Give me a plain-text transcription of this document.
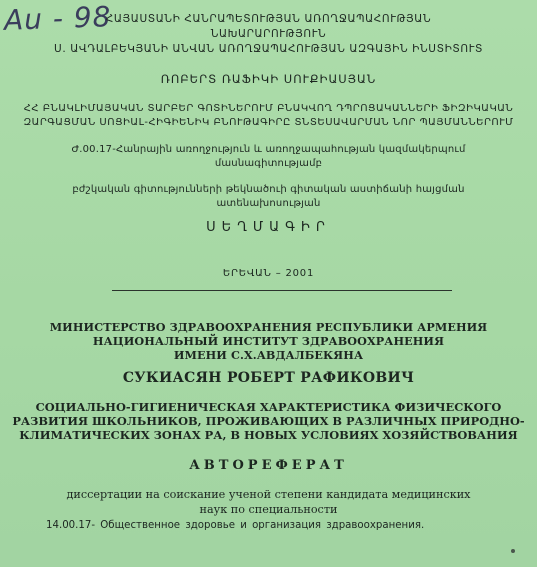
Au - 98
ՀԱՅԱՍՏԱՆԻ ՀԱՆՐԱՊԵՏՈՒԹՅԱՆ ԱՌՈՂՋԱՊԱՀՈՒԹՅԱՆ
ՆԱԽԱՐԱՐՈՒԹՅՈՒՆ
Ս. ԱՎԴԱԼԲԵԿՅԱՆԻ ԱՆՎԱՆ ԱՌՈՂՋԱՊԱՀՈՒԹՅԱՆ ԱԶԳԱՅԻՆ ԻՆՍՏԻՏՈՒՏ
ՌՈԲԵՐՏ ՌԱՖԻԿԻ ՍՈՒՔԻԱՍՅԱՆ
ՀՀ ԲՆԱԿԼԻՄԱՅԱԿԱՆ ՏԱՐԲԵՐ ԳՈՏԻՆԵՐՈՒՄ ԲՆԱԿՎՈՂ ԴՊՐՈՑԱԿԱՆՆԵՐԻ ՖԻԶԻԿԱԿԱՆ
ԶԱՐԳԱՑՄԱՆ ՍՈՑԻԱԼ-ՀԻԳԻԵՆԻԿ ԲՆՈՒԹԱԳԻՐԸ ՏՆՏԵՍԱՎԱՐՄԱՆ ՆՈՐ ՊԱՅՄԱՆՆԵՐՈՒՄ
Ժ.00.17-Հանրային առողջություն և առողջապահության կազմակերպում
մասնագիտությամբ
բժշկական գիտությունների թեկնածուի գիտական աստիճանի հայցման
ատենախոսության
ՍԵՂՄԱԳԻՐ
ԵՐԵՎԱՆ – 2001
МИНИСТЕРСТВО ЗДРАВООХРАНЕНИЯ РЕСПУБЛИКИ АРМЕНИЯ
НАЦИОНАЛЬНЫЙ ИНСТИТУТ ЗДРАВООХРАНЕНИЯ
ИМЕНИ С.Х.АВДАЛБЕКЯНА
СУКИАСЯН РОБЕРТ РАФИКОВИЧ
СОЦИАЛЬНО-ГИГИЕНИЧЕСКАЯ ХАРАКТЕРИСТИКА ФИЗИЧЕСКОГО
РАЗВИТИЯ ШКОЛЬНИКОВ, ПРОЖИВАЮЩИХ В РАЗЛИЧНЫХ ПРИРОДНО-
КЛИМАТИЧЕСКИХ ЗОНАХ РА, В НОВЫХ УСЛОВИЯХ ХОЗЯЙСТВОВАНИЯ
АВТОРЕФЕРАТ
диссертации на соискание ученой степени кандидата медицинских
наук по специальности
14.00.17- Общественное здоровье и организация здравоохранения.
